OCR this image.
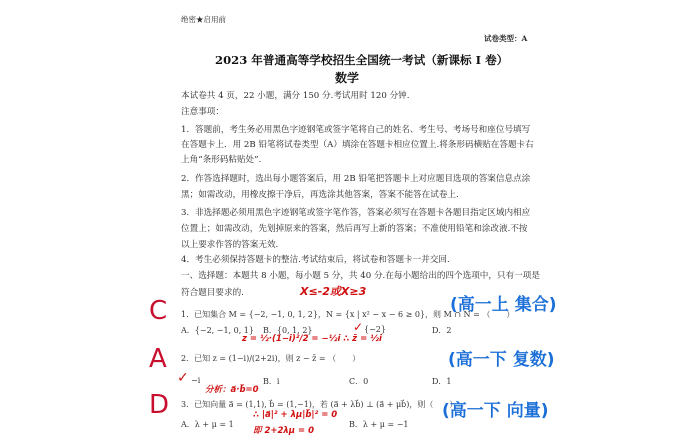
绝密★启用前
试卷类型：A
2023 年普通高等学校招生全国统一考试（新课标 I 卷）
数学
本试卷共 4 页，22 小题，满分 150 分.考试用时 120 分钟.
注意事项：
1．答题前，考生务必用黑色字迹钢笔或签字笔将自己的姓名、考生号、考场号和座位号填写
在答题卡上．用 2B 铅笔将试卷类型（A）填涂在答题卡相应位置上.将条形码横贴在答题卡右
上角“条形码粘贴处”.
2．作答选择题时，选出每小题答案后，用 2B 铅笔把答题卡上对应题目选项的答案信息点涂
黑；如需改动，用橡皮擦干净后，再选涂其他答案，答案不能答在试卷上.
3．非选择题必须用黑色字迹钢笔或签字笔作答，答案必须写在答题卡各题目指定区域内相应
位置上；如需改动，先划掉原来的答案，然后再写上新的答案；不准使用铅笔和涂改液.不按
以上要求作答的答案无效.
4．考生必须保持答题卡的整洁.考试结束后，将试卷和答题卡一并交回.
一、选择题：本题共 8 小题，每小题 5 分，共 40 分.在每小题给出的四个选项中，只有一项是
符合题目要求的.	X≤-2或X≥3
C 1．已知集合 M = {−2, −1, 0, 1, 2}，N = {x | x² − x − 6 ≥ 0}，则 M ∩ N = （　　）
A．{−2, −1, 0, 1} B．{0, 1, 2}	✓ {−2}	D．2
(高一上 集合)
z = ½·(1−i)²/2 = −½i ∴ z̄ = ½i
A 2．已知 z = (1−i)/(2+2i)，则 z − z̄ = （　　）
✓ −i	B．i	C．0	D．1
(高一下 复数)
分析：a⃗·b⃗=0
D 3．已知向量 a⃗ = (1,1), b⃗ = (1,−1)，若 (a⃗ + λb⃗) ⊥ (a⃗ + μb⃗)，则（　　）
∴ |a⃗|² + λμ|b⃗|² = 0
A．λ + μ = 1	B．λ + μ = −1
即 2+2λμ = 0
(高一下 向量)
